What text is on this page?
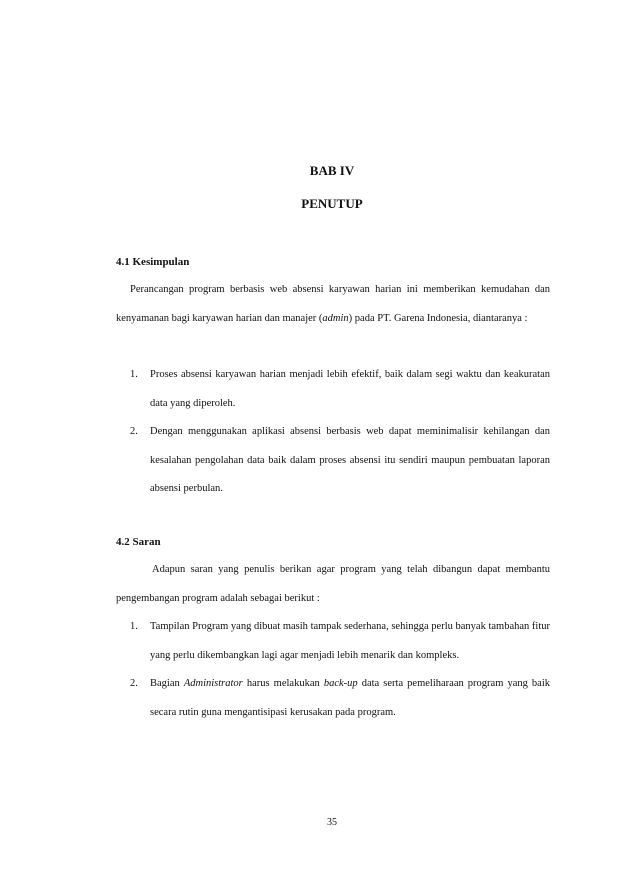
BAB IV
PENUTUP
4.1 Kesimpulan

Perancangan program berbasis web absensi karyawan harian ini memberikan kemudahan dan kenyamanan bagi karyawan harian dan manajer (admin) pada PT. Garena Indonesia, diantaranya :

1. Proses absensi karyawan harian menjadi lebih efektif, baik dalam segi waktu dan keakuratan data yang diperoleh.
2. Dengan menggunakan aplikasi absensi berbasis web dapat meminimalisir kehilangan dan kesalahan pengolahan data baik dalam proses absensi itu sendiri maupun pembuatan laporan absensi perbulan.
4.2 Saran

Adapun saran yang penulis berikan agar program yang telah dibangun dapat membantu pengembangan program adalah sebagai berikut :

1. Tampilan Program yang dibuat masih tampak sederhana, sehingga perlu banyak tambahan fitur yang perlu dikembangkan lagi agar menjadi lebih menarik dan kompleks.
2. Bagian Administrator harus melakukan back-up data serta pemeliharaan program yang baik secara rutin guna mengantisipasi kerusakan pada program.
35
